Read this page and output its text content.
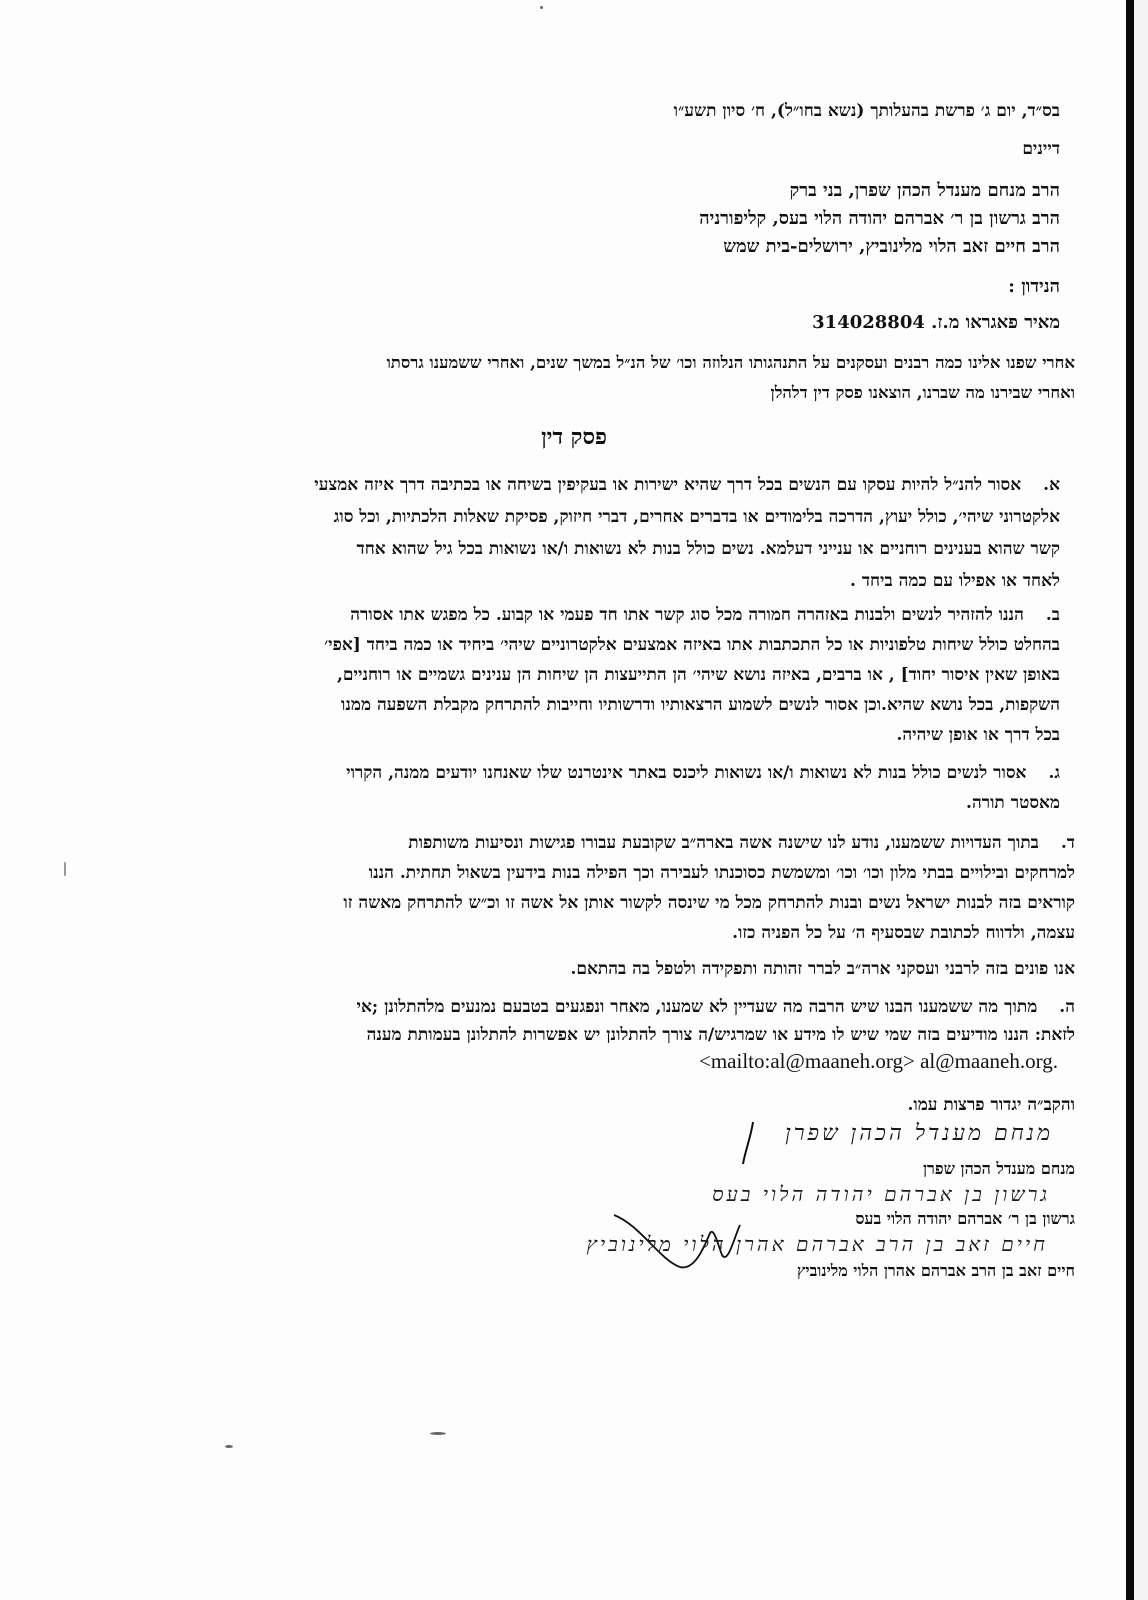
בס״ד, יום ג׳ פרשת בהעלותך (נשא בחו״ל), ח׳ סיון תשע״ו
דיינים
הרב מנחם מענדל הכהן שפרן, בני ברק
הרב גרשון בן ר׳ אברהם יהודה הלוי בעס, קליפורניה
הרב חיים זאב הלוי מלינוביץ, ירושלים-בית שמש
הנידון :
מאיר פאגראו מ.ז. 314028804
אחרי שפנו אלינו כמה רבנים ועסקנים על התנהגותו הנלוזה וכו׳ של הנ״ל במשך שנים, ואחרי ששמענו גרסתו
ואחרי שבירנו מה שברנו, הוצאנו פסק דין דלהלן
פסק דין
א.אסור להנ״ל להיות עסקו עם הנשים בכל דרך שהיא ישירות או בעקיפין בשיחה או בכתיבה דרך איזה אמצעי
אלקטרוני שיהי׳, כולל יעוץ, הדרכה בלימודים או בדברים אחרים, דברי חיזוק, פסיקת שאלות הלכתיות, וכל סוג
קשר שהוא בענינים רוחניים או ענייני דעלמא. נשים כולל בנות לא נשואות ו/או נשואות בכל גיל שהוא אחד
לאחד או אפילו עם כמה ביחד .
ב.הננו להזהיר לנשים ולבנות באזהרה חמורה מכל סוג קשר אתו חד פעמי או קבוע. כל מפגש אתו אסורה
בהחלט כולל שיחות טלפוניות או כל התכתבות אתו באיזה אמצעים אלקטרוניים שיהי׳ ביחיד או כמה ביחד [אפי׳
באופן שאין איסור יחוד] , או ברבים, באיזה נושא שיהי׳ הן התייעצות הן שיחות הן ענינים גשמיים או רוחניים,
השקפות, בכל נושא שהיא.וכן אסור לנשים לשמוע הרצאותיו ודרשותיו וחייבות להתרחק מקבלת השפעה ממנו
בכל דרך או אופן שיהיה.
ג.אסור לנשים כולל בנות לא נשואות ו/או נשואות ליכנס באתר אינטרנט שלו שאנחנו יודעים ממנה, הקרוי
מאסטר תורה.
ד.בתוך העדויות ששמענו, נודע לנו שישנה אשה בארה״ב שקובעת עבורו פגישות ונסיעות משותפות
למרחקים ובילויים בבתי מלון וכו׳ וכו׳ ומשמשת כסוכנתו לעבירה וכך הפילה בנות בידעין בשאול תחתית. הננו
קוראים בזה לבנות ישראל נשים ובנות להתרחק מכל מי שינסה לקשור אותן אל אשה זו וכ״ש להתרחק מאשה זו
עצמה, ולדווח לכתובת שבסעיף ה׳ על כל הפניה כזו.
אנו פונים בזה לרבני ועסקני ארה״ב לברר זהותה ותפקידה ולטפל בה בהתאם.
ה.מתוך מה ששמענו הבנו שיש הרבה מה שעדיין לא שמענו, מאחר ונפגעים בטבעם נמנעים מלהתלונן ;אי
לזאת: הננו מודיעים בזה שמי שיש לו מידע או שמרגיש/ה צורך להתלונן יש אפשרות להתלונן בעמותת מענה
<mailto:al@maaneh.org> al@maaneh.org.
והקב״ה יגדור פרצות עמו.
מנחם מענדל הכהן שפרן
מנחם מענדל הכהן שפרן
גרשון בן אברהם יהודה הלוי בעס
גרשון בן ר׳ אברהם יהודה הלוי בעס
חיים זאב בן הרב אברהם אהרן הלוי מלינוביץ
חיים זאב בן הרב אברהם אהרן הלוי מלינוביץ
